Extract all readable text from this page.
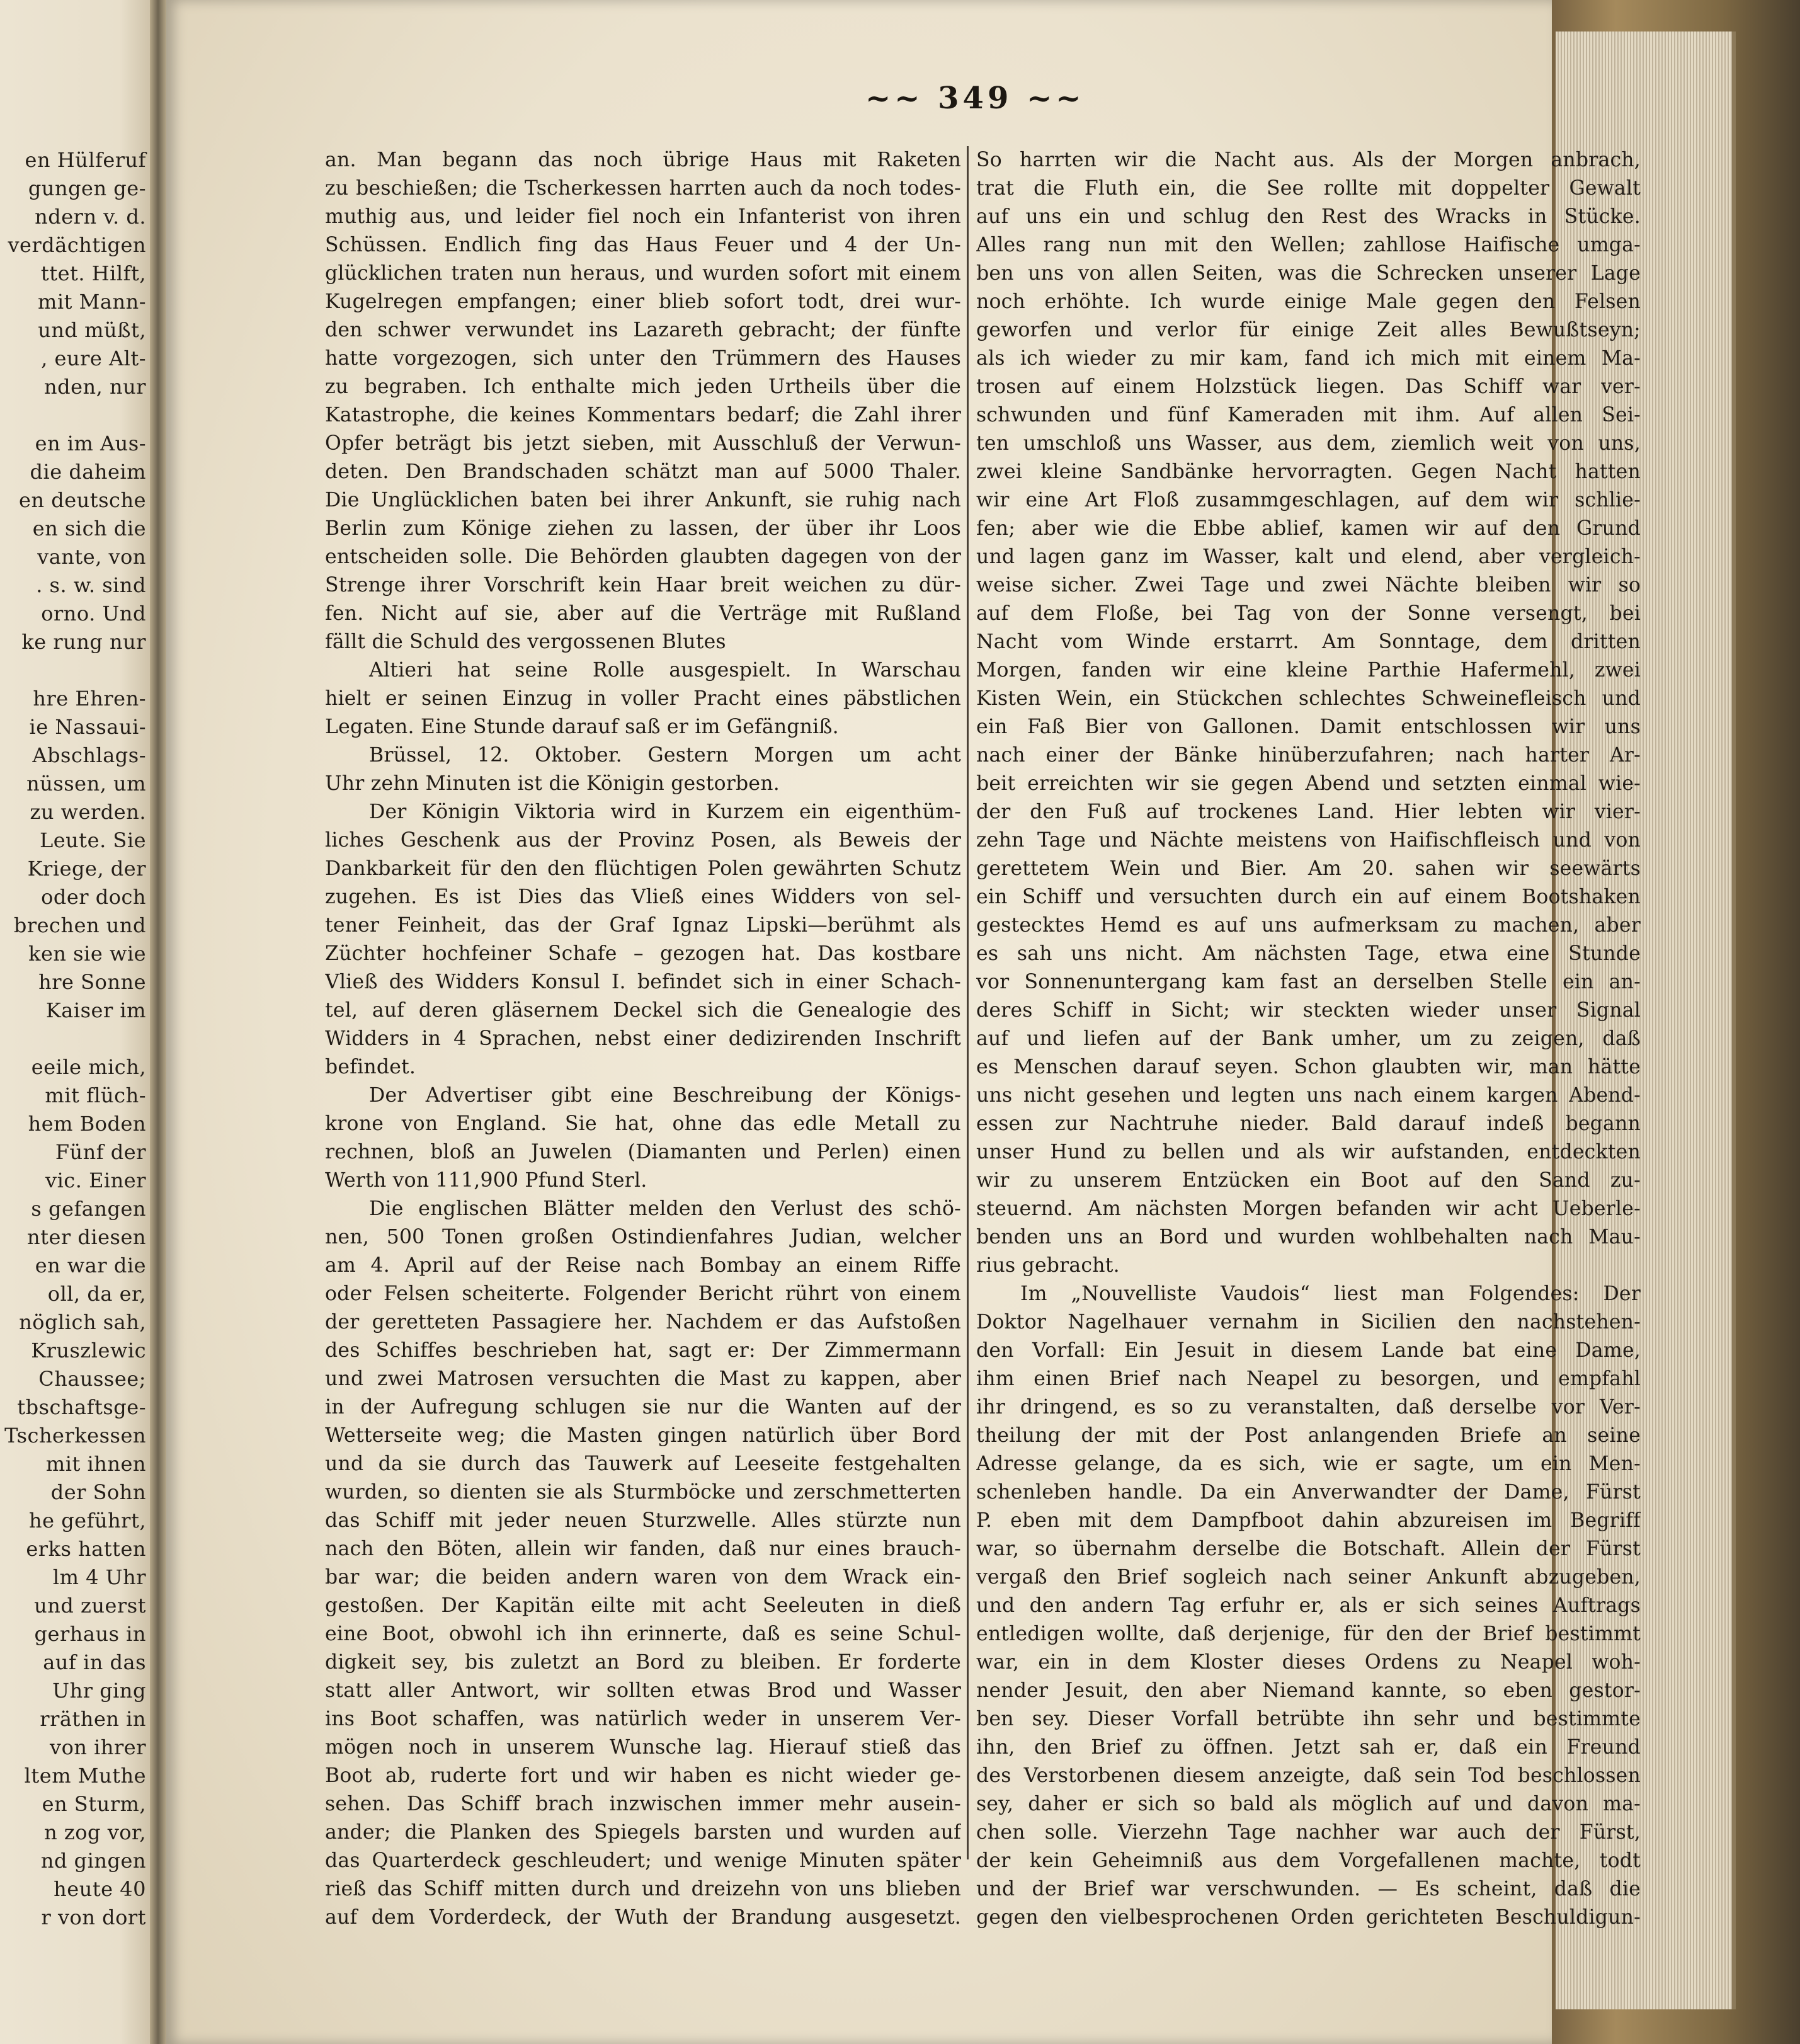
en Hülferuf
gungen ge-
ndern v. d.
verdächtigen
ttet. Hilft,
mit Mann-
und müßt,
, eure Alt-
nden, nur
en im Aus-
die daheim
en deutsche
en sich die
vante, von
. s. w. sind
orno. Und
ke rung nur
hre Ehren-
ie Nassaui-
Abschlags-
nüssen, um
zu werden.
Leute. Sie
Kriege, der
oder doch
brechen und
ken sie wie
hre Sonne
Kaiser im
eeile mich,
mit flüch-
hem Boden
Fünf der
vic. Einer
s gefangen
nter diesen
en war die
oll, da er,
nöglich sah,
Kruszlewic
Chaussee;
tbschaftsge-
Tscherkessen
mit ihnen
der Sohn
he geführt,
erks hatten
lm 4 Uhr
und zuerst
gerhaus in
auf in das
Uhr ging
rräthen in
von ihrer
ltem Muthe
en Sturm,
n zog vor,
nd gingen
heute 40
r von dort
~~ 349 ~~
an. Man begann das noch übrige Haus mit Raketen
zu beschießen; die Tscherkessen harrten auch da noch todes-
muthig aus, und leider fiel noch ein Infanterist von ihren
Schüssen. Endlich fing das Haus Feuer und 4 der Un-
glücklichen traten nun heraus, und wurden sofort mit einem
Kugelregen empfangen; einer blieb sofort todt, drei wur-
den schwer verwundet ins Lazareth gebracht; der fünfte
hatte vorgezogen, sich unter den Trümmern des Hauses
zu begraben. Ich enthalte mich jeden Urtheils über die
Katastrophe, die keines Kommentars bedarf; die Zahl ihrer
Opfer beträgt bis jetzt sieben, mit Ausschluß der Verwun-
deten. Den Brandschaden schätzt man auf 5000 Thaler.
Die Unglücklichen baten bei ihrer Ankunft, sie ruhig nach
Berlin zum Könige ziehen zu lassen, der über ihr Loos
entscheiden solle. Die Behörden glaubten dagegen von der
Strenge ihrer Vorschrift kein Haar breit weichen zu dür-
fen. Nicht auf sie, aber auf die Verträge mit Rußland
fällt die Schuld des vergossenen Blutes
Altieri hat seine Rolle ausgespielt. In Warschau
hielt er seinen Einzug in voller Pracht eines päbstlichen
Legaten. Eine Stunde darauf saß er im Gefängniß.
Brüssel, 12. Oktober. Gestern Morgen um acht
Uhr zehn Minuten ist die Königin gestorben.
Der Königin Viktoria wird in Kurzem ein eigenthüm-
liches Geschenk aus der Provinz Posen, als Beweis der
Dankbarkeit für den den flüchtigen Polen gewährten Schutz
zugehen. Es ist Dies das Vließ eines Widders von sel-
tener Feinheit, das der Graf Ignaz Lipski—berühmt als
Züchter hochfeiner Schafe – gezogen hat. Das kostbare
Vließ des Widders Konsul I. befindet sich in einer Schach-
tel, auf deren gläsernem Deckel sich die Genealogie des
Widders in 4 Sprachen, nebst einer dedizirenden Inschrift
befindet.
Der Advertiser gibt eine Beschreibung der Königs-
krone von England. Sie hat, ohne das edle Metall zu
rechnen, bloß an Juwelen (Diamanten und Perlen) einen
Werth von 111,900 Pfund Sterl.
Die englischen Blätter melden den Verlust des schö-
nen, 500 Tonen großen Ostindienfahres Judian, welcher
am 4. April auf der Reise nach Bombay an einem Riffe
oder Felsen scheiterte. Folgender Bericht rührt von einem
der geretteten Passagiere her. Nachdem er das Aufstoßen
des Schiffes beschrieben hat, sagt er: Der Zimmermann
und zwei Matrosen versuchten die Mast zu kappen, aber
in der Aufregung schlugen sie nur die Wanten auf der
Wetterseite weg; die Masten gingen natürlich über Bord
und da sie durch das Tauwerk auf Leeseite festgehalten
wurden, so dienten sie als Sturmböcke und zerschmetterten
das Schiff mit jeder neuen Sturzwelle. Alles stürzte nun
nach den Böten, allein wir fanden, daß nur eines brauch-
bar war; die beiden andern waren von dem Wrack ein-
gestoßen. Der Kapitän eilte mit acht Seeleuten in dieß
eine Boot, obwohl ich ihn erinnerte, daß es seine Schul-
digkeit sey, bis zuletzt an Bord zu bleiben. Er forderte
statt aller Antwort, wir sollten etwas Brod und Wasser
ins Boot schaffen, was natürlich weder in unserem Ver-
mögen noch in unserem Wunsche lag. Hierauf stieß das
Boot ab, ruderte fort und wir haben es nicht wieder ge-
sehen. Das Schiff brach inzwischen immer mehr ausein-
ander; die Planken des Spiegels barsten und wurden auf
das Quarterdeck geschleudert; und wenige Minuten später
rieß das Schiff mitten durch und dreizehn von uns blieben
auf dem Vorderdeck, der Wuth der Brandung ausgesetzt.
So harrten wir die Nacht aus. Als der Morgen anbrach,
trat die Fluth ein, die See rollte mit doppelter Gewalt
auf uns ein und schlug den Rest des Wracks in Stücke.
Alles rang nun mit den Wellen; zahllose Haifische umga-
ben uns von allen Seiten, was die Schrecken unserer Lage
noch erhöhte. Ich wurde einige Male gegen den Felsen
geworfen und verlor für einige Zeit alles Bewußtseyn;
als ich wieder zu mir kam, fand ich mich mit einem Ma-
trosen auf einem Holzstück liegen. Das Schiff war ver-
schwunden und fünf Kameraden mit ihm. Auf allen Sei-
ten umschloß uns Wasser, aus dem, ziemlich weit von uns,
zwei kleine Sandbänke hervorragten. Gegen Nacht hatten
wir eine Art Floß zusammgeschlagen, auf dem wir schlie-
fen; aber wie die Ebbe ablief, kamen wir auf den Grund
und lagen ganz im Wasser, kalt und elend, aber vergleich-
weise sicher. Zwei Tage und zwei Nächte bleiben wir so
auf dem Floße, bei Tag von der Sonne versengt, bei
Nacht vom Winde erstarrt. Am Sonntage, dem dritten
Morgen, fanden wir eine kleine Parthie Hafermehl, zwei
Kisten Wein, ein Stückchen schlechtes Schweinefleisch und
ein Faß Bier von Gallonen. Damit entschlossen wir uns
nach einer der Bänke hinüberzufahren; nach harter Ar-
beit erreichten wir sie gegen Abend und setzten einmal wie-
der den Fuß auf trockenes Land. Hier lebten wir vier-
zehn Tage und Nächte meistens von Haifischfleisch und von
gerettetem Wein und Bier. Am 20. sahen wir seewärts
ein Schiff und versuchten durch ein auf einem Bootshaken
gestecktes Hemd es auf uns aufmerksam zu machen, aber
es sah uns nicht. Am nächsten Tage, etwa eine Stunde
vor Sonnenuntergang kam fast an derselben Stelle ein an-
deres Schiff in Sicht; wir steckten wieder unser Signal
auf und liefen auf der Bank umher, um zu zeigen, daß
es Menschen darauf seyen. Schon glaubten wir, man hätte
uns nicht gesehen und legten uns nach einem kargen Abend-
essen zur Nachtruhe nieder. Bald darauf indeß begann
unser Hund zu bellen und als wir aufstanden, entdeckten
wir zu unserem Entzücken ein Boot auf den Sand zu-
steuernd. Am nächsten Morgen befanden wir acht Ueberle-
benden uns an Bord und wurden wohlbehalten nach Mau-
rius gebracht.
Im „Nouvelliste Vaudois“ liest man Folgendes: Der
Doktor Nagelhauer vernahm in Sicilien den nachstehen-
den Vorfall: Ein Jesuit in diesem Lande bat eine Dame,
ihm einen Brief nach Neapel zu besorgen, und empfahl
ihr dringend, es so zu veranstalten, daß derselbe vor Ver-
theilung der mit der Post anlangenden Briefe an seine
Adresse gelange, da es sich, wie er sagte, um ein Men-
schenleben handle. Da ein Anverwandter der Dame, Fürst
P. eben mit dem Dampfboot dahin abzureisen im Begriff
war, so übernahm derselbe die Botschaft. Allein der Fürst
vergaß den Brief sogleich nach seiner Ankunft abzugeben,
und den andern Tag erfuhr er, als er sich seines Auftrags
entledigen wollte, daß derjenige, für den der Brief bestimmt
war, ein in dem Kloster dieses Ordens zu Neapel woh-
nender Jesuit, den aber Niemand kannte, so eben gestor-
ben sey. Dieser Vorfall betrübte ihn sehr und bestimmte
ihn, den Brief zu öffnen. Jetzt sah er, daß ein Freund
des Verstorbenen diesem anzeigte, daß sein Tod beschlossen
sey, daher er sich so bald als möglich auf und davon ma-
chen solle. Vierzehn Tage nachher war auch der Fürst,
der kein Geheimniß aus dem Vorgefallenen machte, todt
und der Brief war verschwunden. — Es scheint, daß die
gegen den vielbesprochenen Orden gerichteten Beschuldigun-
